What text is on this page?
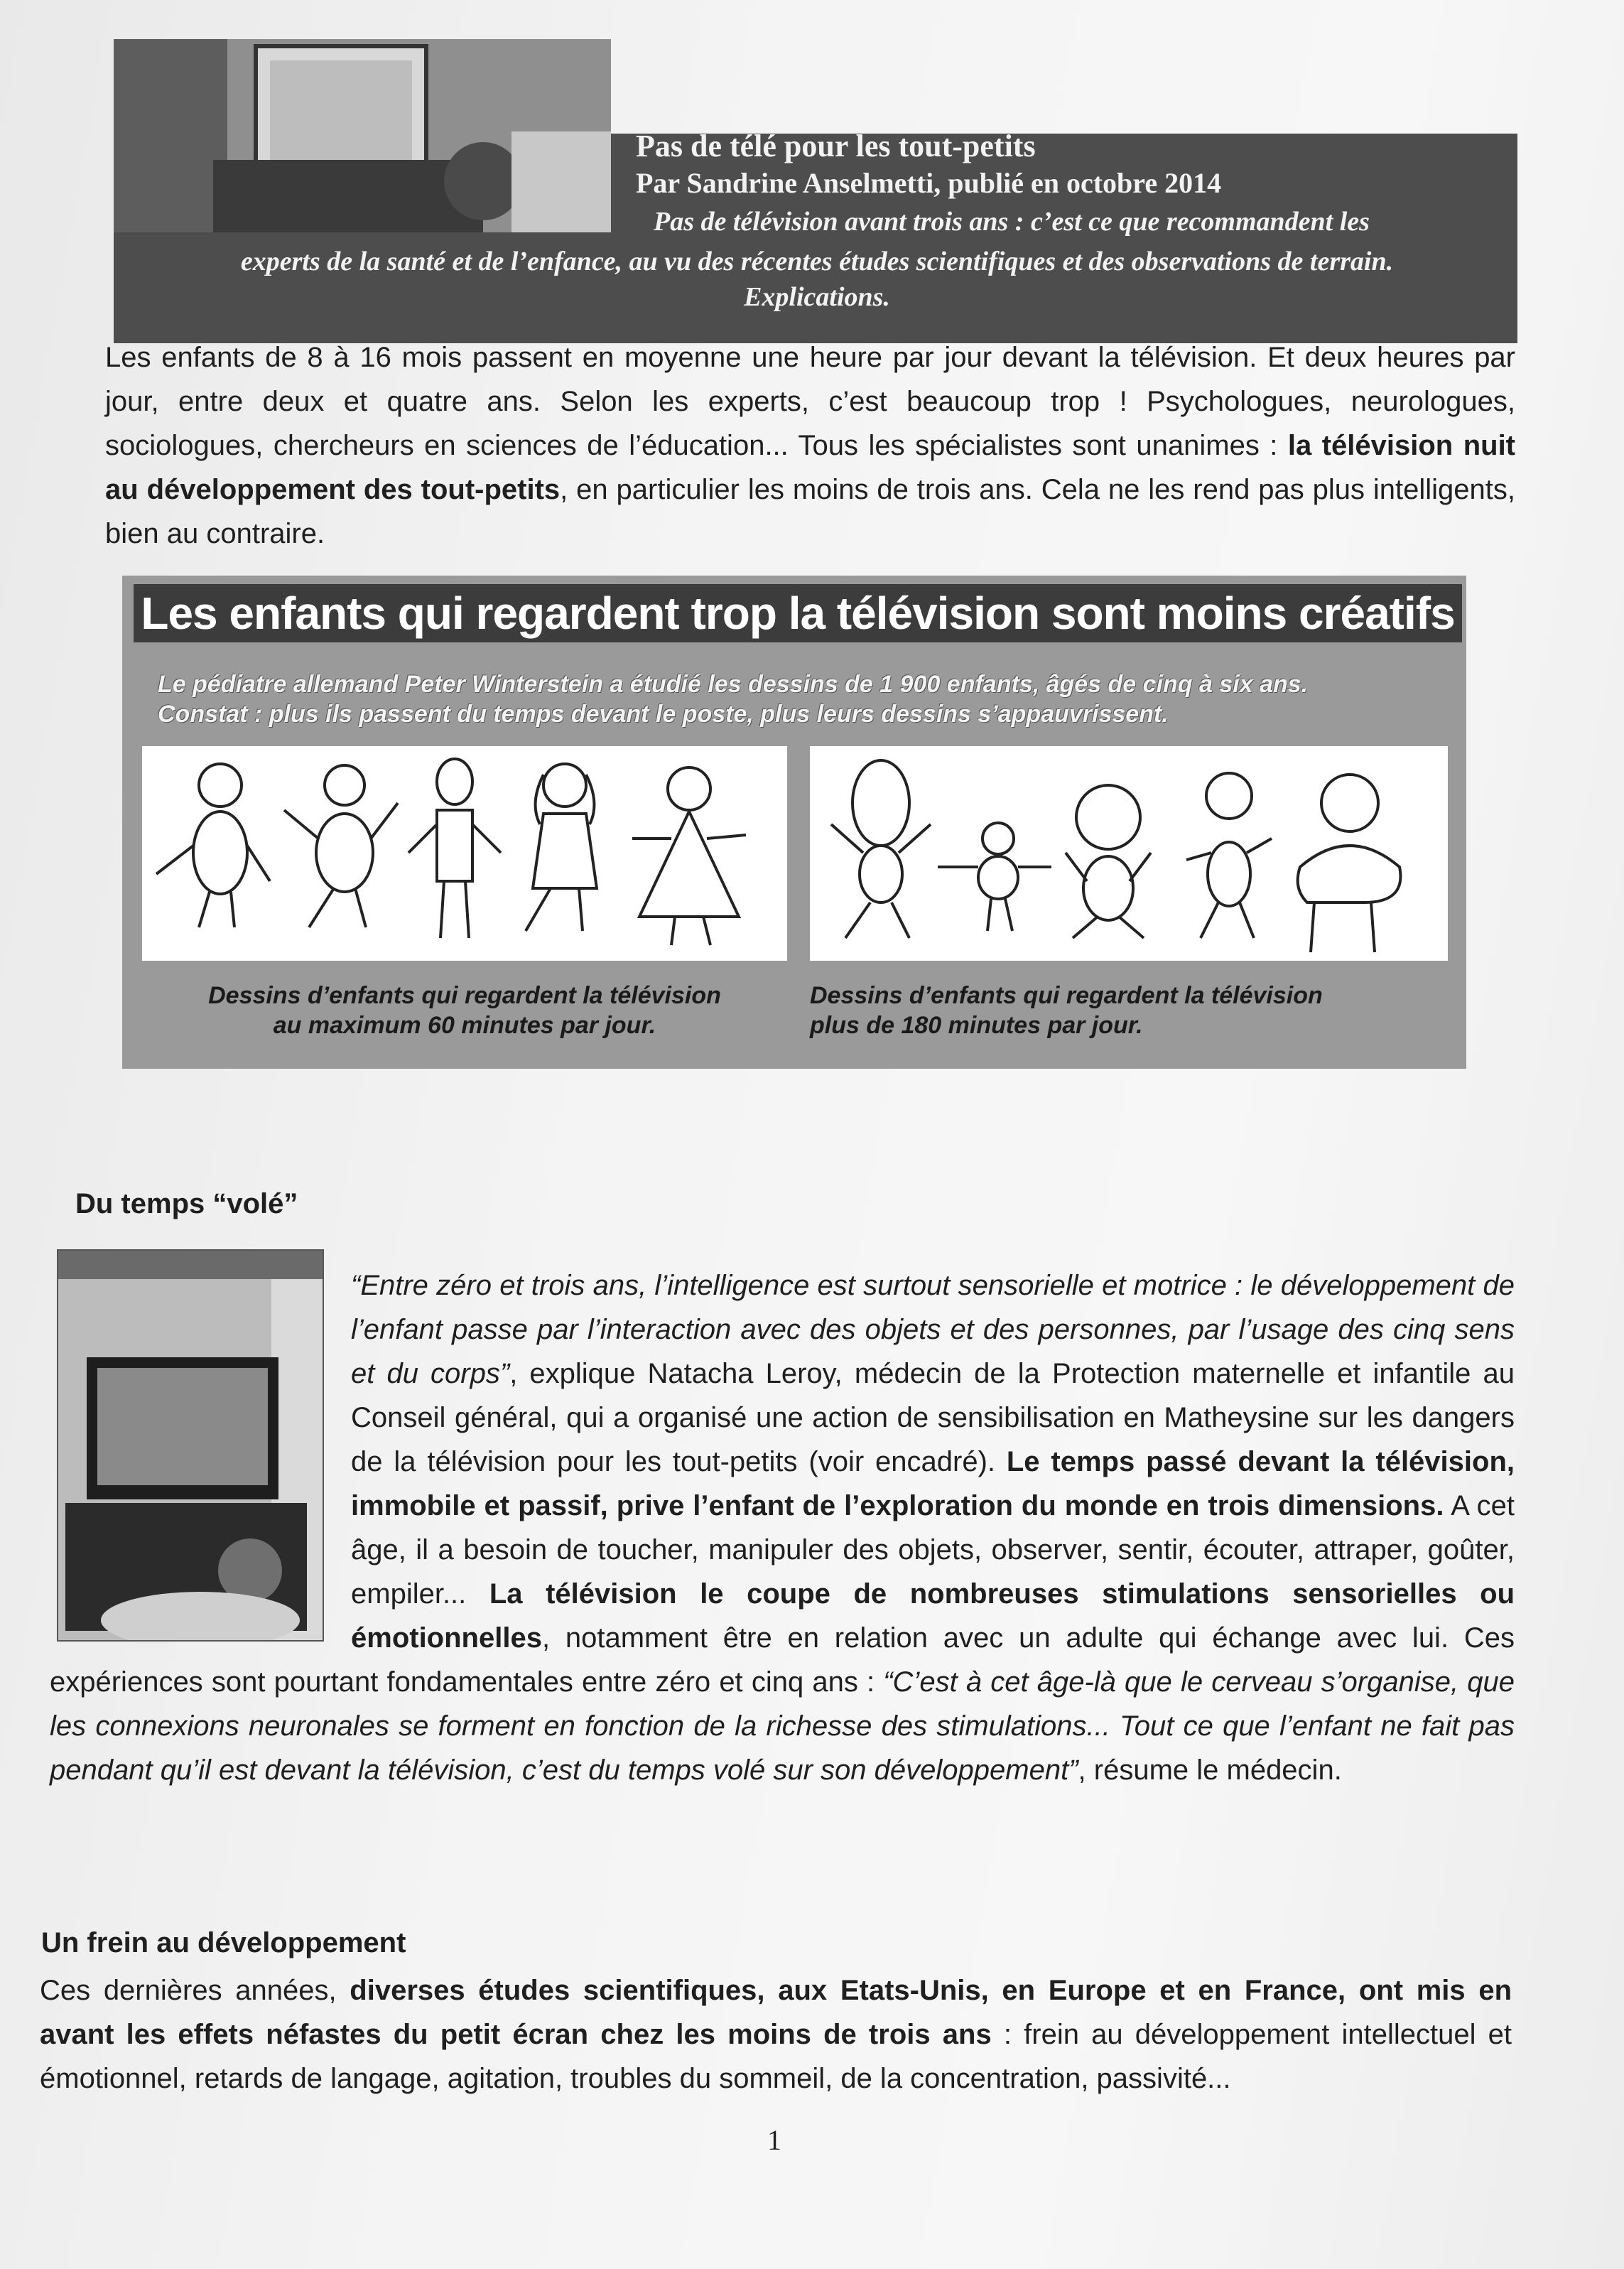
Pas de télé pour les tout-petits
Par Sandrine Anselmetti, publié en octobre 2014
Pas de télévision avant trois ans : c’est ce que recommandent les
experts de la santé et de l’enfance, au vu des récentes études scientifiques et des observations de terrain.
Explications.

Les enfants de 8 à 16 mois passent en moyenne une heure par jour devant la télévision. Et deux heures par jour, entre deux et quatre ans. Selon les experts, c’est beaucoup trop ! Psychologues, neurologues, sociologues, chercheurs en sciences de l’éducation... Tous les spécialistes sont unanimes : la télévision nuit au développement des tout-petits, en particulier les moins de trois ans. Cela ne les rend pas plus intelligents, bien au contraire.

Les enfants qui regardent trop la télévision sont moins créatifs
Le pédiatre allemand Peter Winterstein a étudié les dessins de 1 900 enfants, âgés de cinq à six ans.
Constat : plus ils passent du temps devant le poste, plus leurs dessins s’appauvrissent.
Dessins d’enfants qui regardent la télévision
au maximum 60 minutes par jour.
Dessins d’enfants qui regardent la télévision
plus de 180 minutes par jour.
Du temps “volé”

“Entre zéro et trois ans, l’intelligence est surtout sensorielle et motrice : le développement de l’enfant passe par l’interaction avec des objets et des personnes, par l’usage des cinq sens et du corps”, explique Natacha Leroy, médecin de la Protection maternelle et infantile au Conseil général, qui a organisé une action de sensibilisation en Matheysine sur les dangers de la télévision pour les tout-petits (voir encadré). Le temps passé devant la télévision, immobile et passif, prive l’enfant de l’exploration du monde en trois dimensions. A cet âge, il a besoin de toucher, manipuler des objets, observer, sentir, écouter, attraper, goûter, empiler... La télévision le coupe de nombreuses stimulations sensorielles ou émotionnelles, notamment être en relation avec un adulte qui échange avec lui. Ces expériences sont pourtant fondamentales entre zéro et cinq ans : “C’est à cet âge-là que le cerveau s’organise, que les connexions neuronales se forment en fonction de la richesse des stimulations... Tout ce que l’enfant ne fait pas pendant qu’il est devant la télévision, c’est du temps volé sur son développement”, résume le médecin.
Un frein au développement
Ces dernières années, diverses études scientifiques, aux Etats-Unis, en Europe et en France, ont mis en avant les effets néfastes du petit écran chez les moins de trois ans : frein au développement intellectuel et émotionnel, retards de langage, agitation, troubles du sommeil, de la concentration, passivité...
1
